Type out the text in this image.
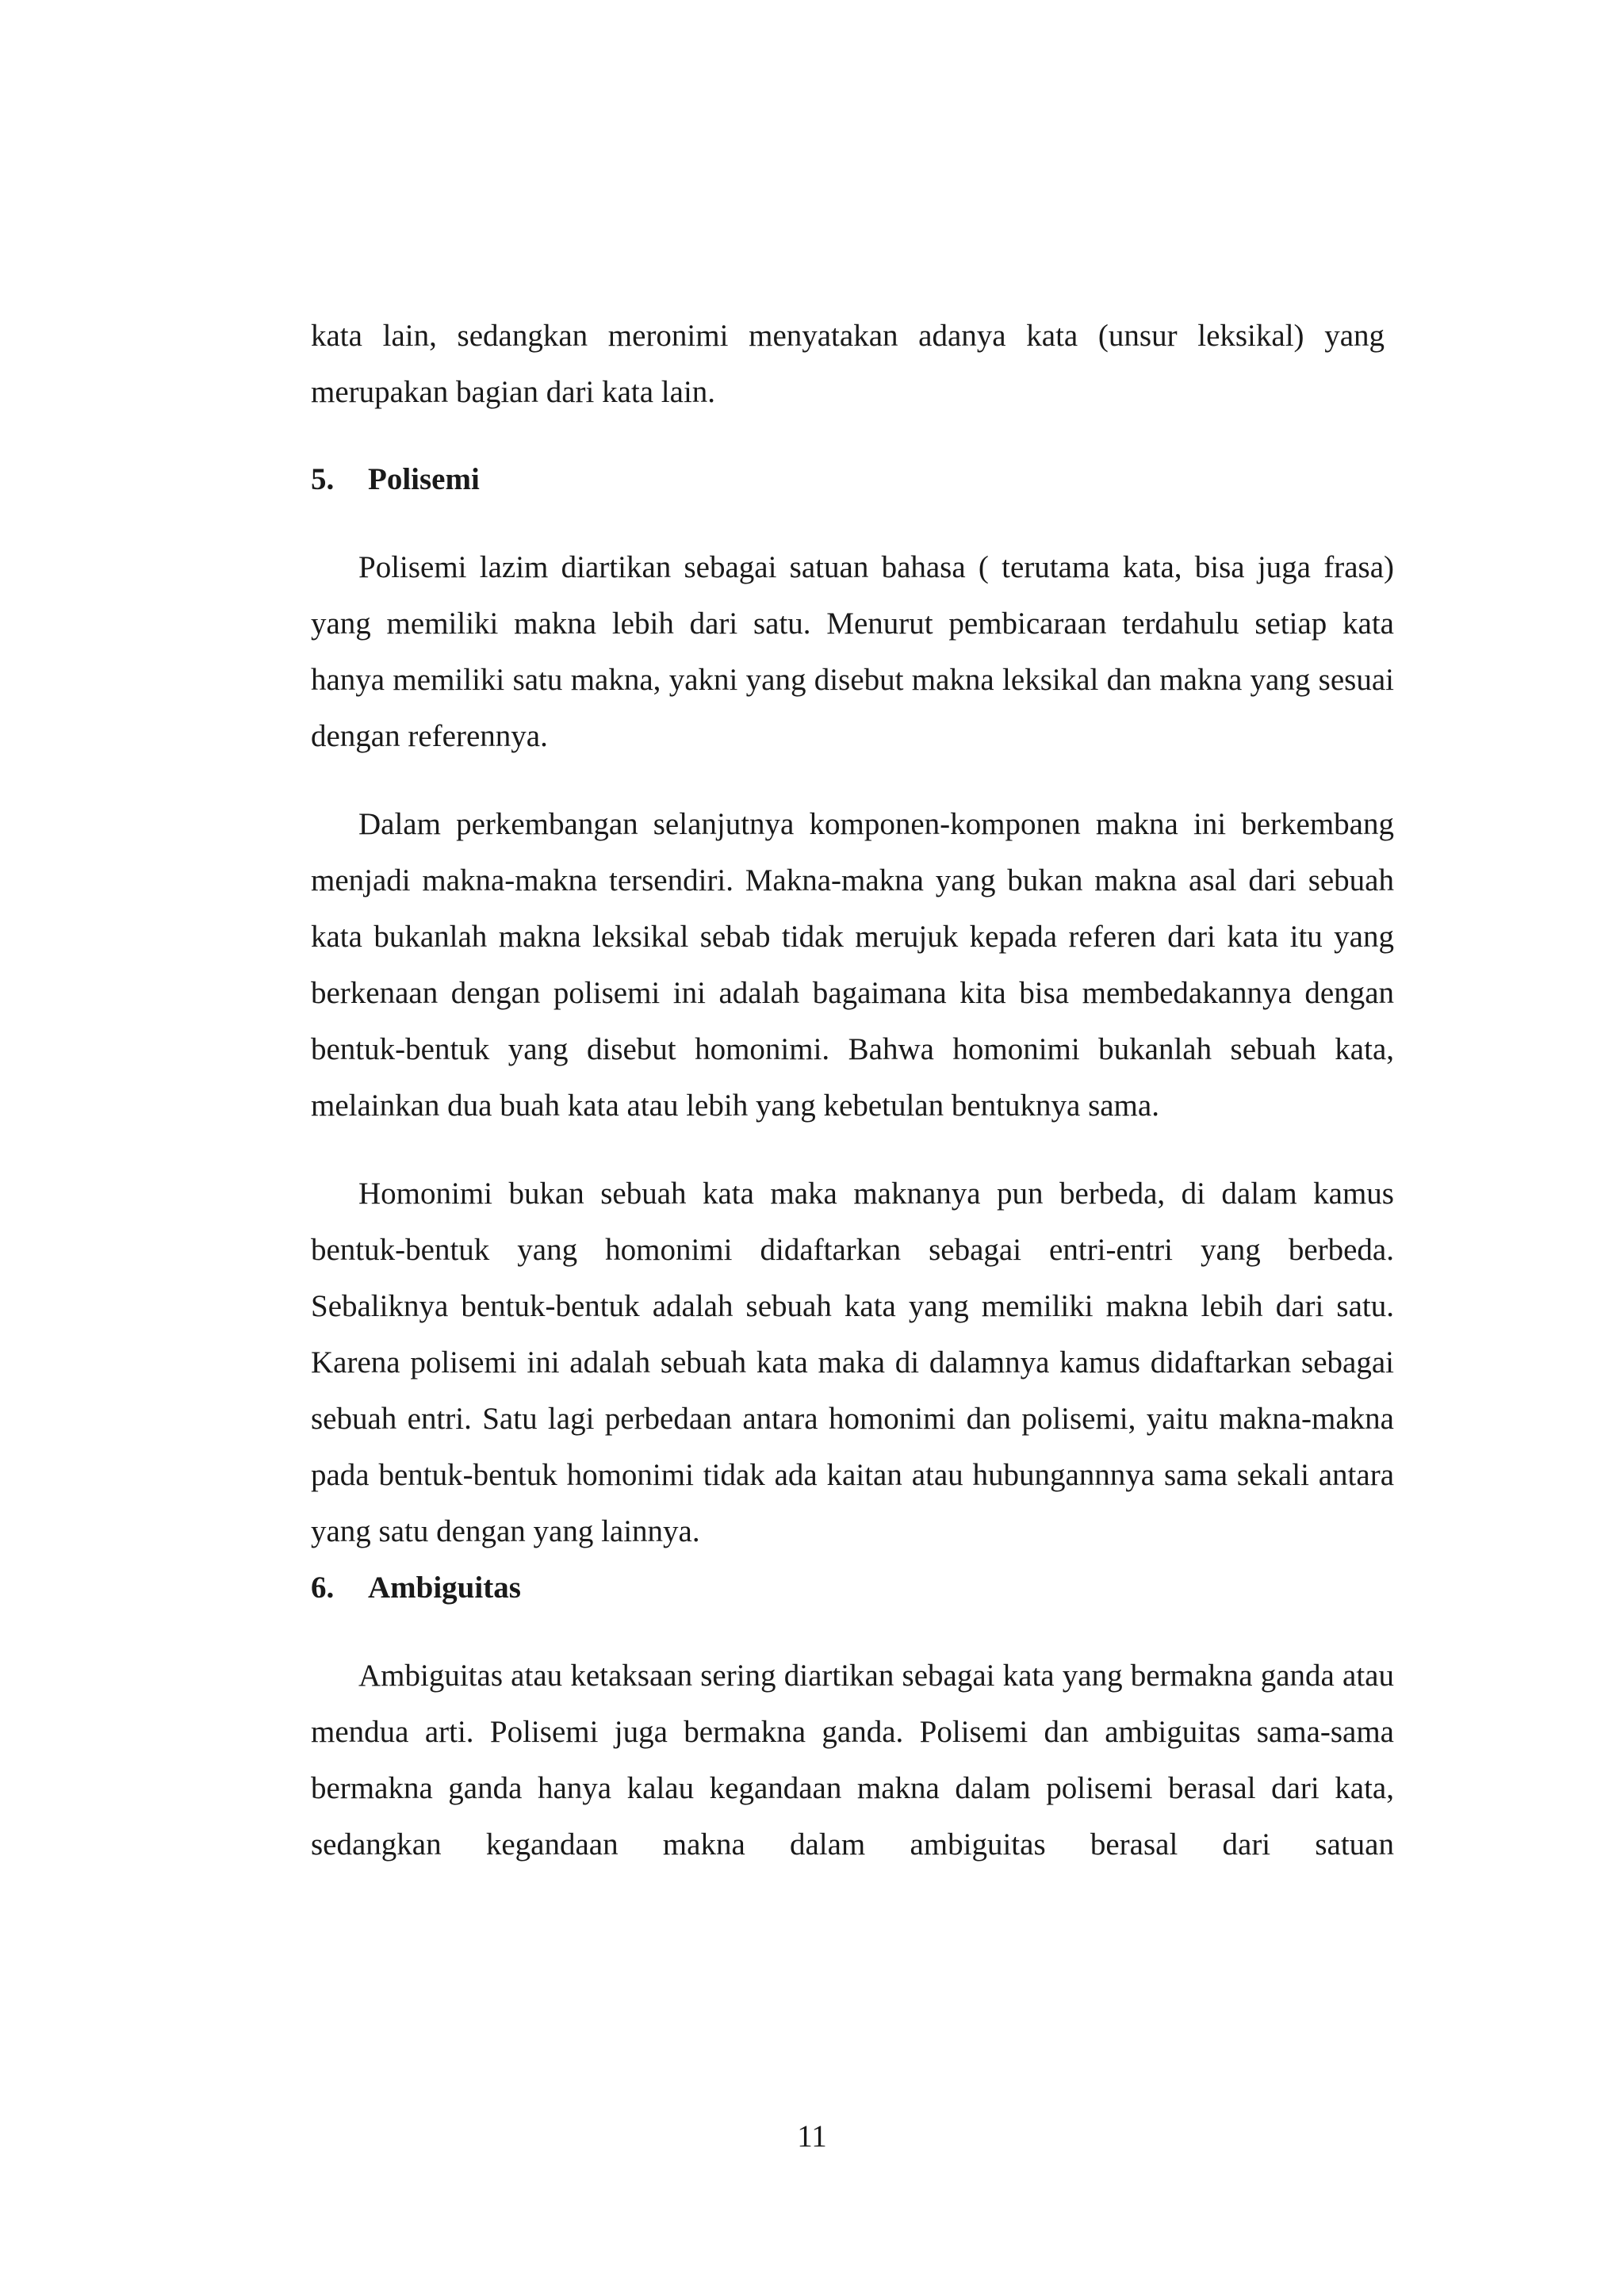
kata lain, sedangkan meronimi menyatakan adanya kata (unsur leksikal) yang

merupakan bagian dari kata lain.

5. Polisemi

Polisemi lazim diartikan sebagai satuan bahasa ( terutama kata, bisa juga frasa) yang memiliki makna lebih dari satu. Menurut pembicaraan terdahulu setiap kata hanya memiliki satu makna, yakni yang disebut makna leksikal dan makna yang sesuai dengan referennya.

Dalam perkembangan selanjutnya komponen-komponen makna ini berkembang menjadi makna-makna tersendiri. Makna-makna yang bukan makna asal dari sebuah kata bukanlah makna leksikal sebab tidak merujuk kepada referen dari kata itu yang berkenaan dengan polisemi ini adalah bagaimana kita bisa membedakannya dengan bentuk-bentuk yang disebut homonimi. Bahwa homonimi bukanlah sebuah kata, melainkan dua buah kata atau lebih yang kebetulan bentuknya sama.

Homonimi bukan sebuah kata maka maknanya pun berbeda, di dalam kamus bentuk-bentuk yang homonimi didaftarkan sebagai entri-entri yang berbeda. Sebaliknya bentuk-bentuk adalah sebuah kata yang memiliki makna lebih dari satu. Karena polisemi ini adalah sebuah kata maka di dalamnya kamus didaftarkan sebagai sebuah entri. Satu lagi perbedaan antara homonimi dan polisemi, yaitu makna-makna pada bentuk-bentuk homonimi tidak ada kaitan atau hubungannnya sama sekali antara yang satu dengan yang lainnya.

6. Ambiguitas

Ambiguitas atau ketaksaan sering diartikan sebagai kata yang bermakna ganda atau mendua arti. Polisemi juga bermakna ganda. Polisemi dan ambiguitas sama-sama bermakna ganda hanya kalau kegandaan makna dalam polisemi berasal dari kata, sedangkan kegandaan makna dalam ambiguitas berasal dari satuan

11
